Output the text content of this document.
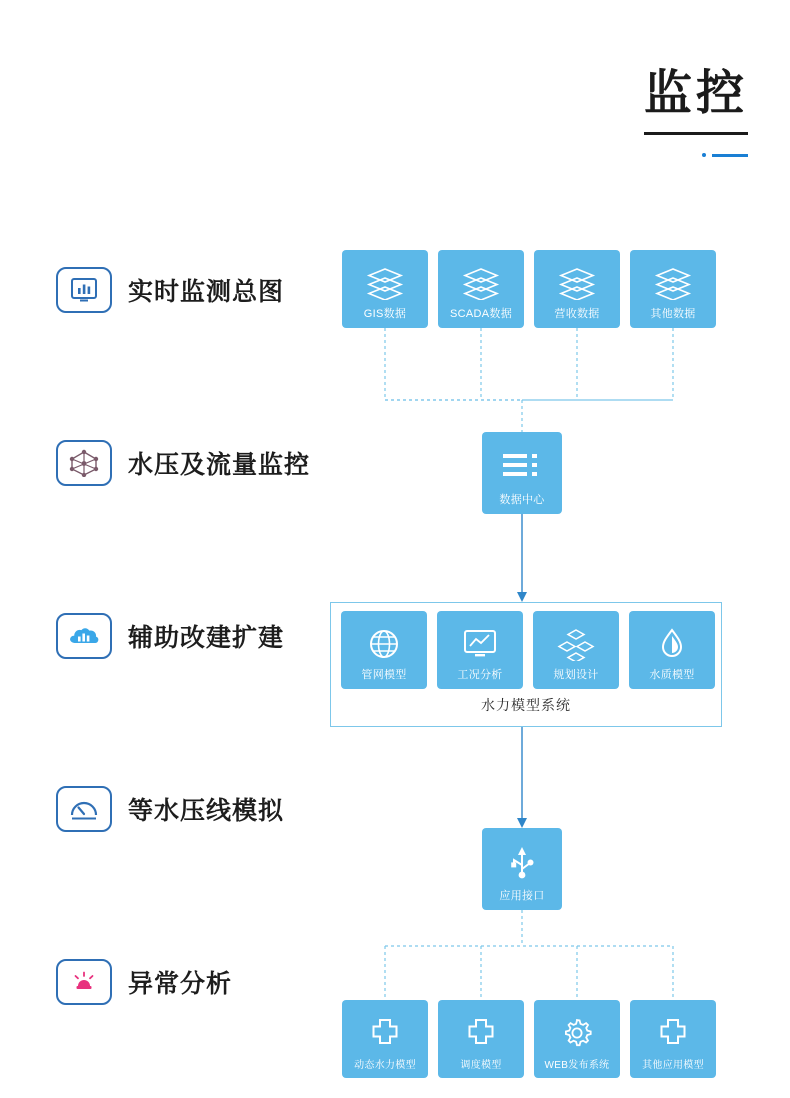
监控
实时监测总图
水压及流量监控
辅助改建扩建
等水压线模拟
异常分析
GIS数据	SCADA数据	营收数据	其他数据
数据中心
管网模型	工况分析	规划设计	水质模型
水力模型系统
应用接口
动态水力模型	调度模型	WEB发布系统	其他应用模型
